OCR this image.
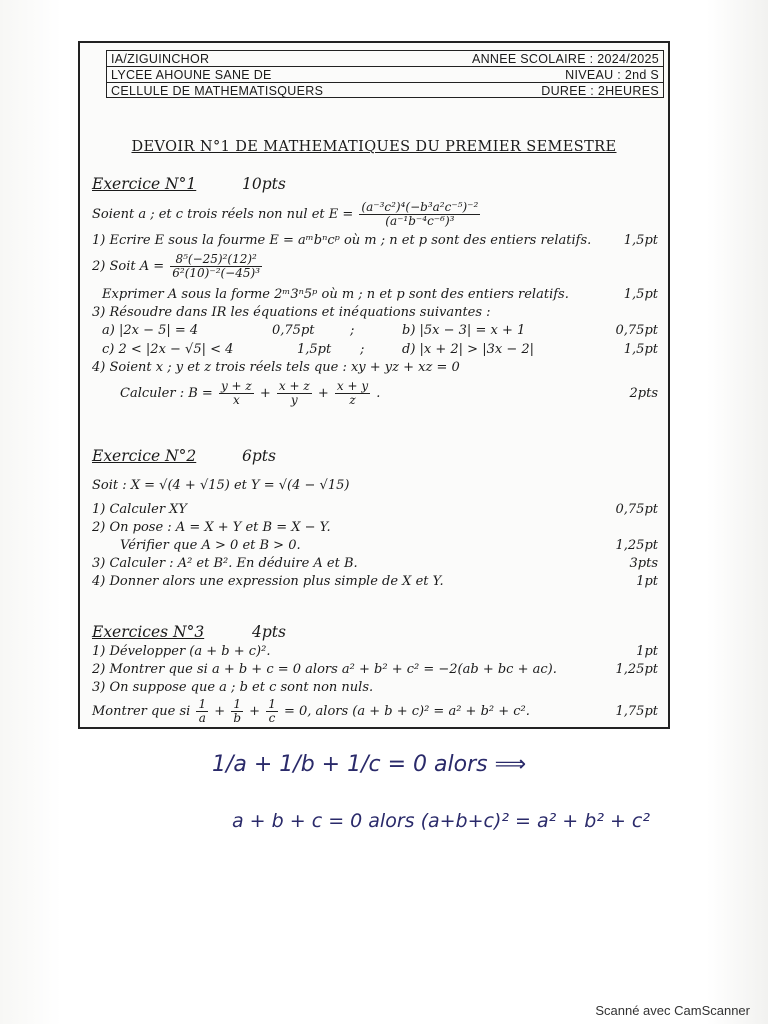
IA/ZIGUINCHOR	ANNEE SCOLAIRE : 2024/2025
LYCEE AHOUNE SANE DE	NIVEAU : 2nd S
CELLULE DE MATHEMATISQUERS	DUREE : 2HEURES
DEVOIR N°1 DE MATHEMATIQUES DU PREMIER SEMESTRE
Exercice N°1	10pts
Soient a ; et c trois réels non nul et $E = \frac{\text{(a⁻³c²)⁴(−b³a²c⁻⁵)⁻²}}{\text{(a⁻¹b⁻⁴c⁻⁶)³}}$
1) Ecrire E sous la fourme E = aᵐbⁿcᵖ où m ; n et p sont des entiers relatifs. 1,5pt
2) Soit $A = \frac{\text{8⁵(−25)²(12)²}}{\text{6²(10)⁻²(−45)³}}$
Exprimer A sous la forme 2ᵐ3ⁿ5ᵖ où m ; n et p sont des entiers relatifs.	1,5pt
3) Résoudre dans IR les équations et inéquations suivantes :
a) |2x − 5| = 4	0,75pt	;	b) |5x − 3| = x + 1	0,75pt
c) 2 < |2x − √5| < 4	1,5pt ;	d) |x + 2| > |3x − 2|	1,5pt
4) Soient x ; y et z trois réels tels que : xy + yz + xz = 0
Calculer : $B = \frac{y + z}{x} + \frac{x + z}{y} + \frac{x + y}{z}$ .	2pts
Exercice N°2	6pts
Soit : X = √(4 + √15) et Y = √(4 − √15)
1) Calculer XY	0,75pt
2) On pose : A = X + Y et B = X − Y.
Vérifier que A > 0 et B > 0.	1,25pt
3) Calculer : A² et B². En déduire A et B.	3pts
4) Donner alors une expression plus simple de X et Y.	1pt
Exercices N°3	4pts
1) Développer (a + b + c)².	1pt
2) Montrer que si a + b + c = 0 alors a² + b² + c² = −2(ab + bc + ac).	1,25pt
3) On suppose que a ; b et c sont non nuls.
Montrer que si $\frac{1}{a} + \frac{1}{b} + \frac{1}{c} = 0$, alors (a + b + c)² = a² + b² + c².	1,75pt
1/a + 1/b + 1/c = 0 alors ⟹
a + b + c = 0 alors (a+b+c)² = a² + b² + c²
Scanné avec CamScanner
